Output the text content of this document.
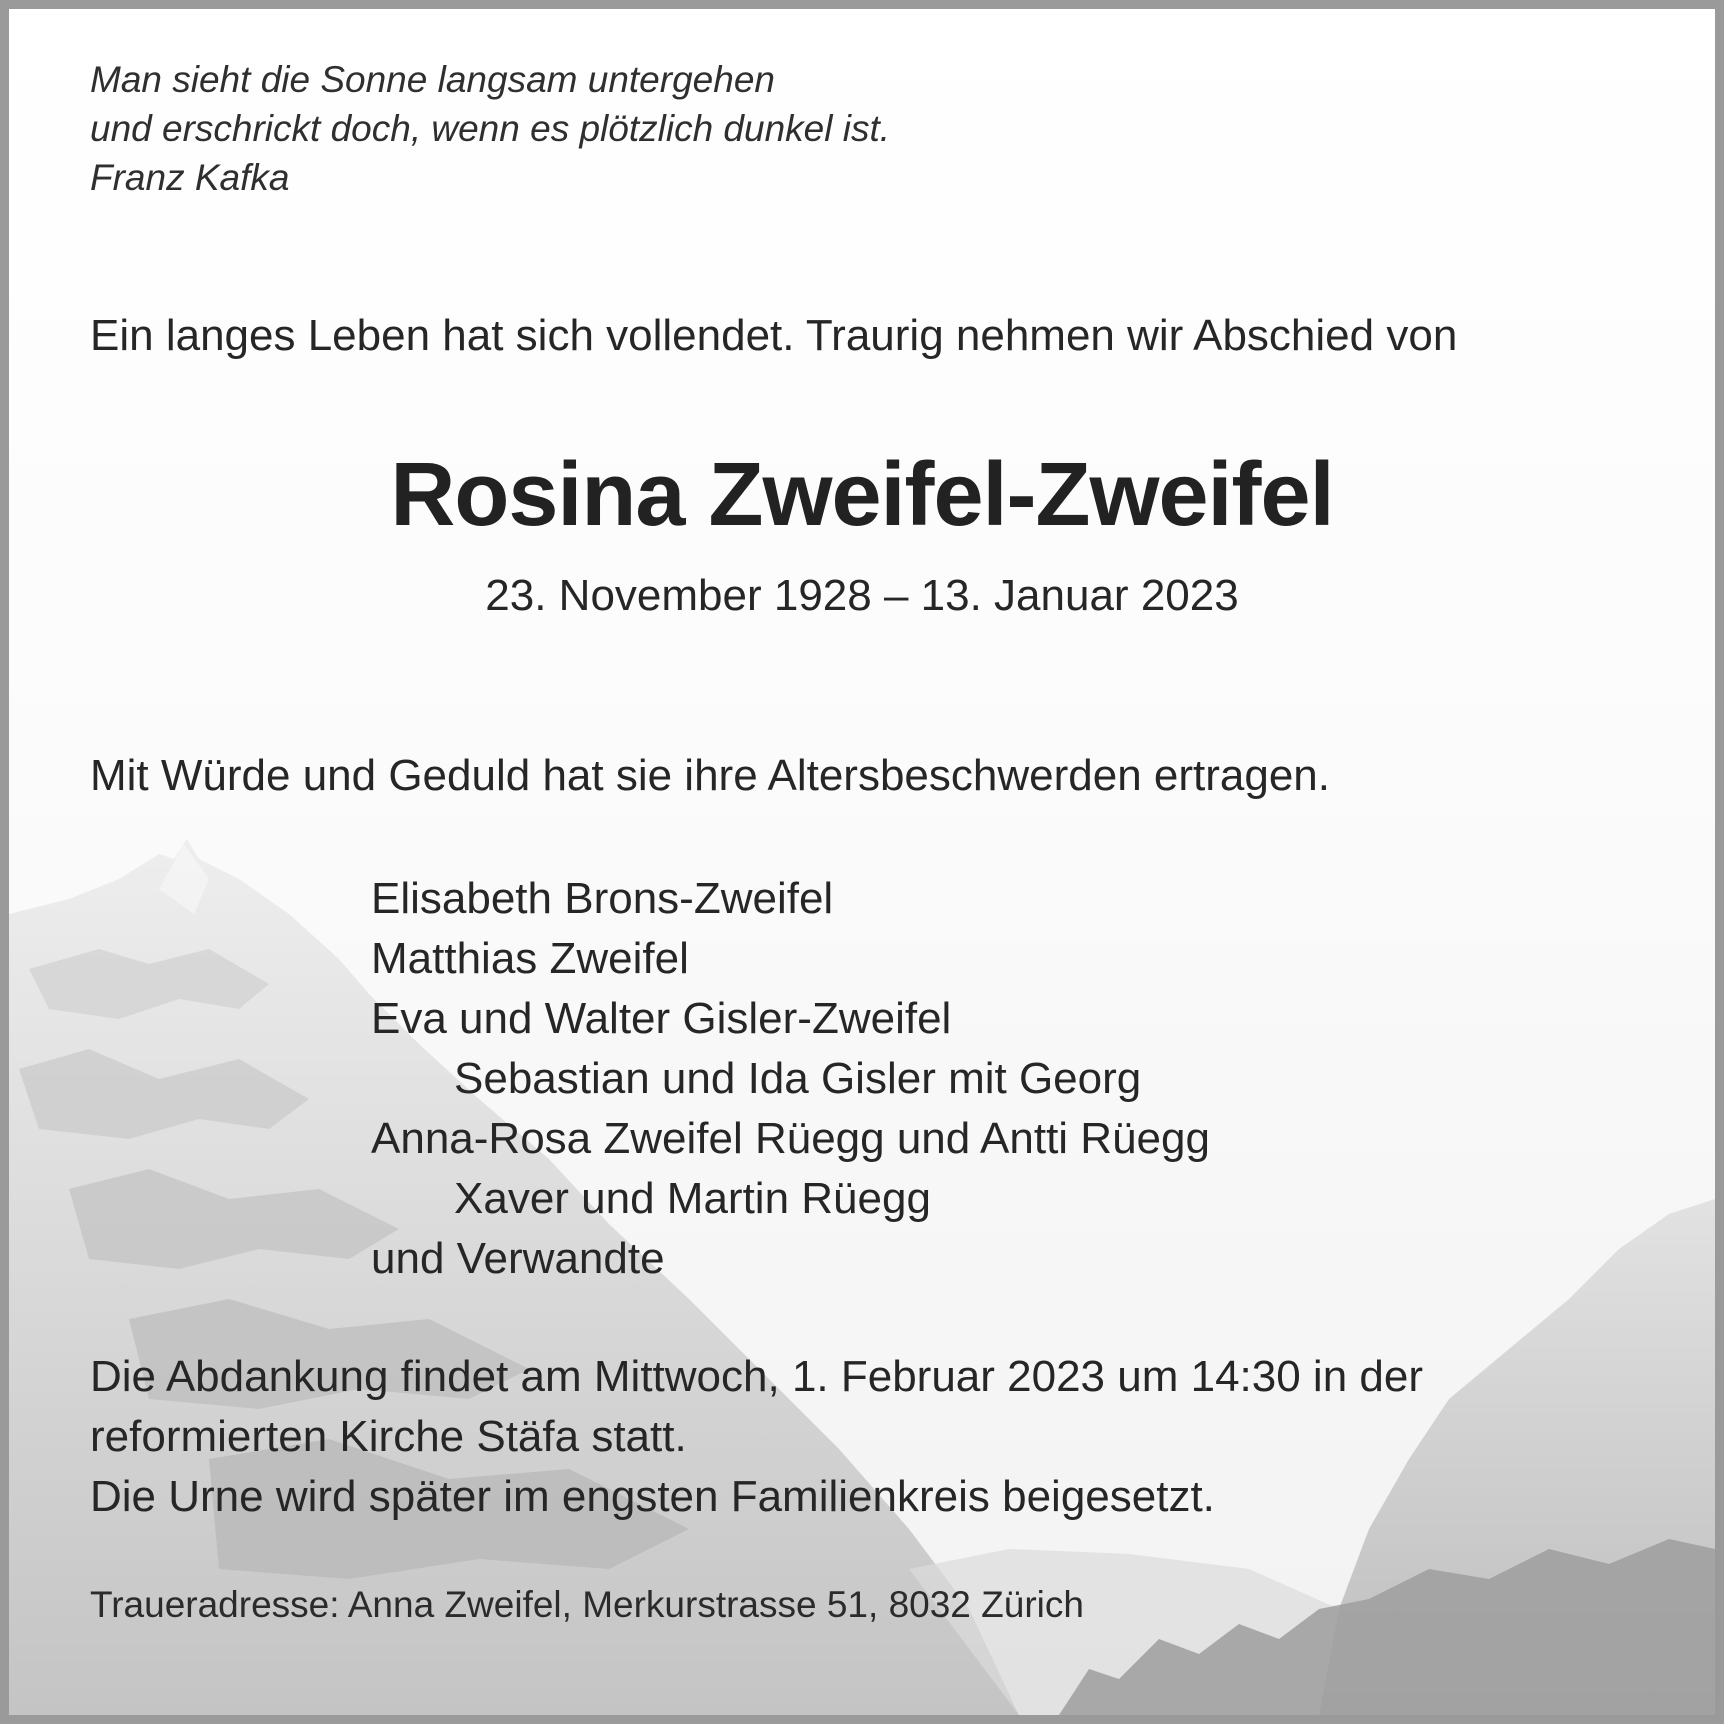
Man sieht die Sonne langsam untergehen
und erschrickt doch, wenn es plötzlich dunkel ist.
Franz Kafka
Ein langes Leben hat sich vollendet. Traurig nehmen wir Abschied von
Rosina Zweifel-Zweifel
23. November 1928 – 13. Januar 2023
Mit Würde und Geduld hat sie ihre Altersbeschwerden ertragen.
Elisabeth Brons-Zweifel
Matthias Zweifel
Eva und Walter Gisler-Zweifel
Sebastian und Ida Gisler mit Georg
Anna-Rosa Zweifel Rüegg und Antti Rüegg
Xaver und Martin Rüegg
und Verwandte
Die Abdankung findet am Mittwoch, 1. Februar 2023 um 14:30 in der
reformierten Kirche Stäfa statt.
Die Urne wird später im engsten Familienkreis beigesetzt.
Traueradresse: Anna Zweifel, Merkurstrasse 51, 8032 Zürich
